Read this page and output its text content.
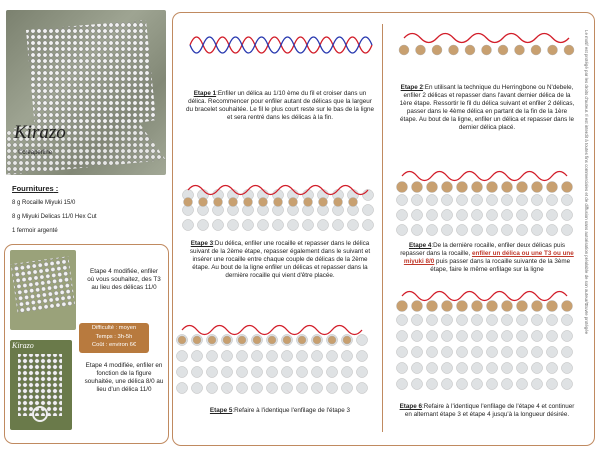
Kirazo
©creaperline
Fournitures :
8 g Rocaille Miyuki 15/0
8 g Miyuki Delicas 11/0 Hex Cut
1 fermoir argenté
Etape 4 modifiée, enfiler où vous souhaitez, des T3 au lieu des délicas 11/0
Difficulté : moyen
Temps : 3h-5h
Coût : environ 6€
Kirazo
Etape 4 modifiée, enfiler en fonction de la figure souhaitée, une délica 8/0 au lieu d'un délica 11/0
Etape 1:Enfiler un délica au 1/10 ème du fil et croiser dans un délica. Recommencer pour enfiler autant de délicas que la largeur du bracelet souhaitée. Le fil le plus court reste sur le bas de la ligne et sera rentré dans les délicas à la fin.
Etape 2:En utilisant la technique du Herringbone ou N'debele, enfiler 2 délicas et repasser dans l'avant dernier délica de la 1ère étape. Ressortir le fil du délica suivant et enfiler 2 délicas, passer dans le 4ème délica en partant de la fin de la 1ère étape. Au bout de la ligne, enfiler un délica et repasser dans le dernier délica placé.
Etape 3:Du délica, enfiler une rocaille et repasser dans le délica suivant de la 2ème étape, repasser également dans le suivant et insérer une rocaille entre chaque couple de délicas de la 2ème étape. Au bout de la ligne enfiler un délicas et repasser dans la dernière rocaille qui vient d'être placée.
Etape 4:De la dernière rocaille, enfiler deux délicas puis repasser dans la rocaille, enfiler un délica ou une T3 ou une miyuki 8/0 puis passer dans la rocaille suivante de la 3ème étape, faire le même enfilage sur la ligne
Etape 5:Refaire à l'identique l'enfilage de l'étape 3
Etape 6:Refaire à l'identique l'enfilage de l'étape 4 et continuer en alternant étape 3 et étape 4 jusqu'à la longueur désirée.
Le motif est protégé par les droits d'auteur. Il est interdit à toutes fins commerciales et de diffusion sans autorisation préalable de son auteur/Œuvre protégée
